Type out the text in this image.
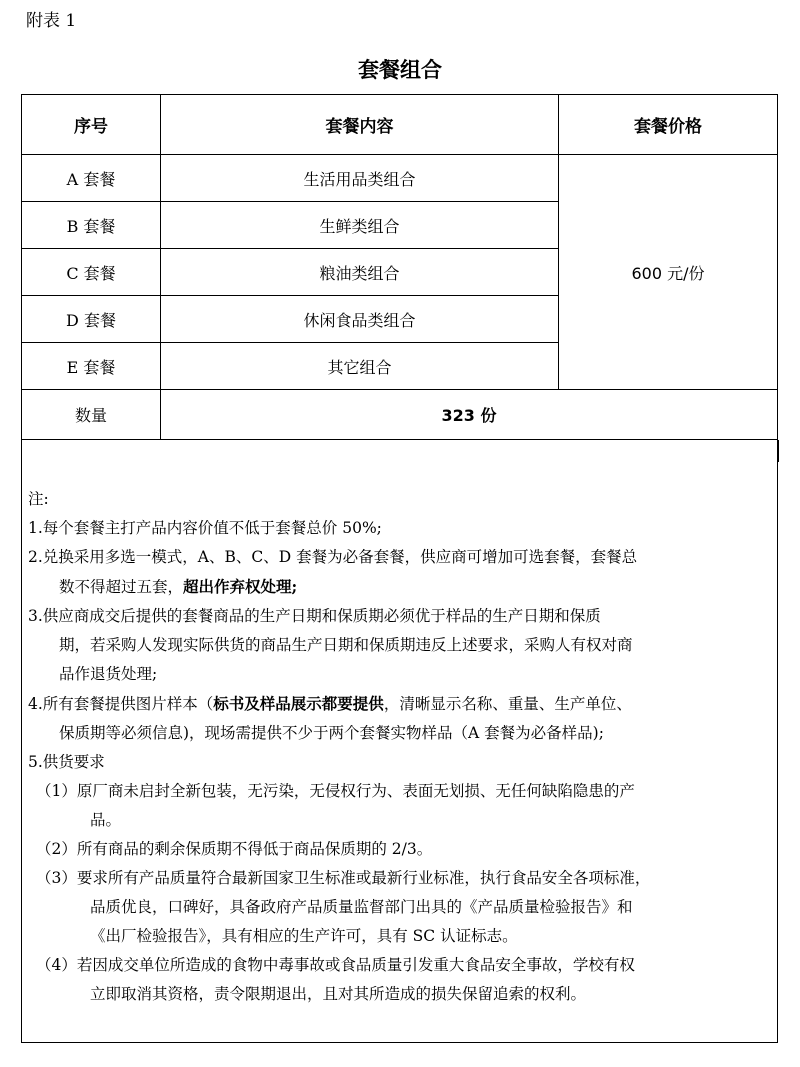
附表 1
套餐组合
序号	套餐内容	套餐价格
A 套餐	生活用品类组合	600 元/份
B 套餐	生鲜类组合	
C 套餐	粮油类组合	
D 套餐	休闲食品类组合	
E 套餐	其它组合	
数量	323 份	

注:

1.每个套餐主打产品内容价值不低于套餐总价 50%;

2.兑换采用多选一模式，A、B、C、D 套餐为必备套餐，供应商可增加可选套餐，套餐总

数不得超过五套，超出作弃权处理;

3.供应商成交后提供的套餐商品的生产日期和保质期必须优于样品的生产日期和保质

期，若采购人发现实际供货的商品生产日期和保质期违反上述要求，采购人有权对商

品作退货处理;

4.所有套餐提供图片样本（标书及样品展示都要提供，清晰显示名称、重量、生产单位、

保质期等必须信息)，现场需提供不少于两个套餐实物样品（A 套餐为必备样品);

5.供货要求

（1）原厂商未启封全新包装，无污染，无侵权行为、表面无划损、无任何缺陷隐患的产

品。

（2）所有商品的剩余保质期不得低于商品保质期的 2/3。

（3）要求所有产品质量符合最新国家卫生标准或最新行业标准，执行食品安全各项标准，

品质优良，口碑好，具备政府产品质量监督部门出具的《产品质量检验报告》和

《出厂检验报告》，具有相应的生产许可，具有 SC 认证标志。

（4）若因成交单位所造成的食物中毒事故或食品质量引发重大食品安全事故，学校有权

立即取消其资格，责令限期退出，且对其所造成的损失保留追索的权利。
